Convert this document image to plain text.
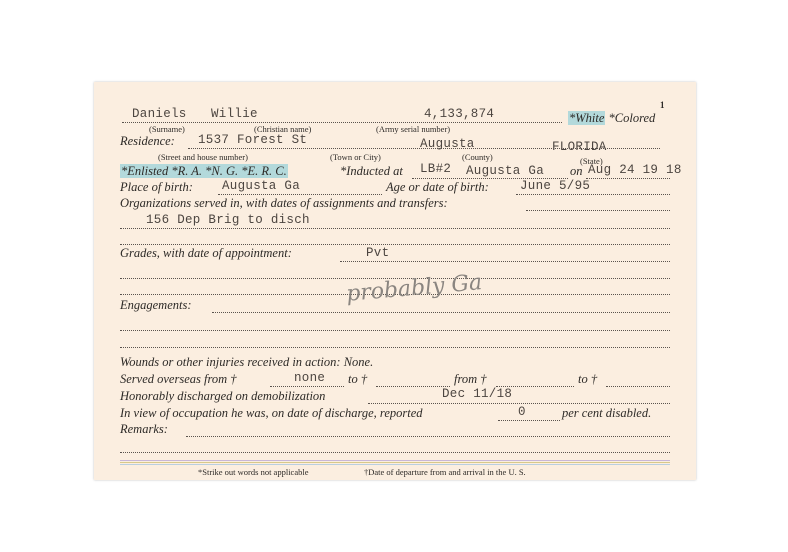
1
Daniels Willie	4,133,874	*White *Colored
(Surname)	(Christian name)	(Army serial number)
Residence: 1537 Forest St	Augusta	FLORIDA
(Street and house number)	(Town or City)	(County)	(State)
*Enlisted *R. A. *N. G. *E. R. C.	*Inducted at LB#2 Augusta Ga on Aug 24 19 18
Place of birth: Augusta Ga	Age or date of birth: June 5/95
Organizations served in, with dates of assignments and transfers:
156 Dep Brig to disch
Grades, with date of appointment:	Pvt
probably Ga
Engagements:
Wounds or other injuries received in action: None.
Served overseas from †	none to †	from †	to †
Honorably discharged on demobilization	Dec 11/18
In view of occupation he was, on date of discharge, reported	0	per cent disabled.
Remarks:
*Strike out words not applicable	†Date of departure from and arrival in the U. S.
